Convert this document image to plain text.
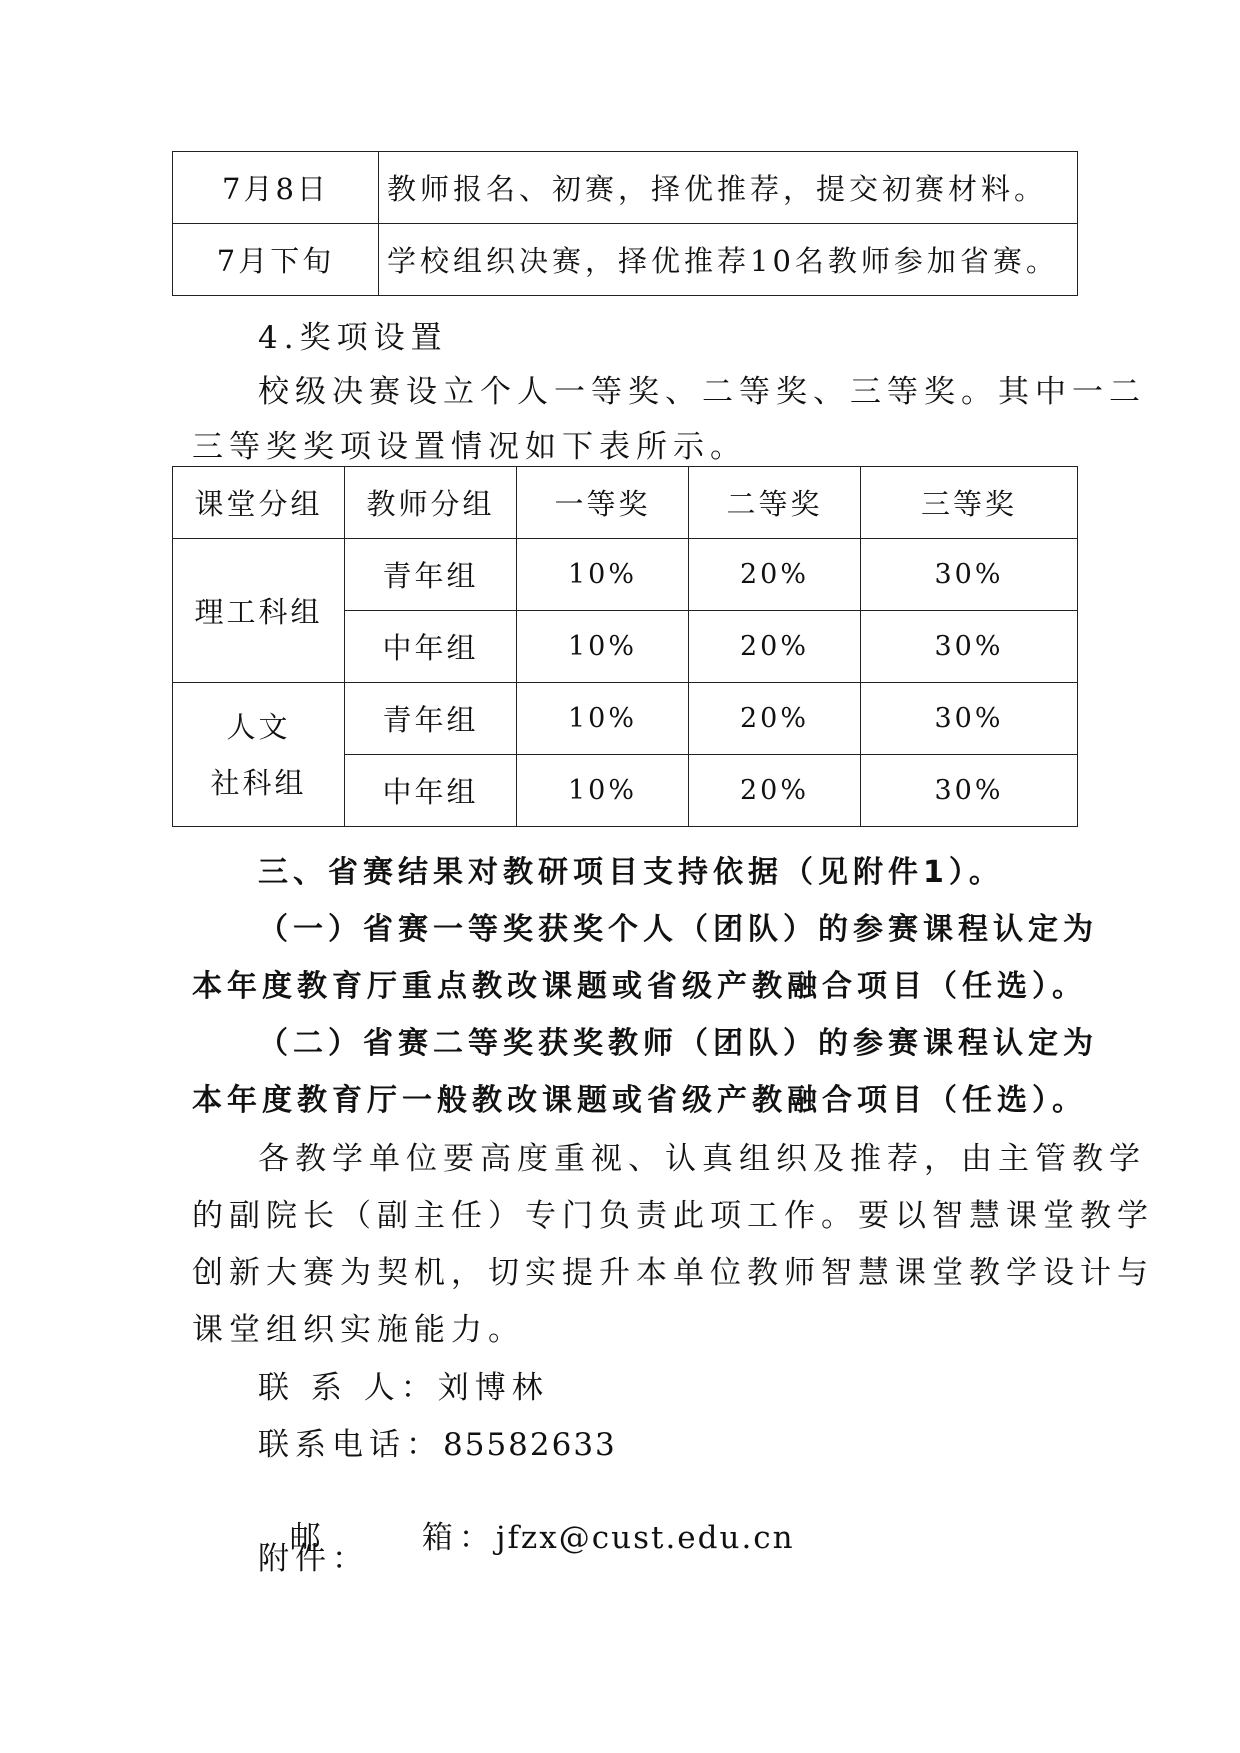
7月8日	教师报名、初赛，择优推荐，提交初赛材料。
7月下旬	学校组织决赛，择优推荐10名教师参加省赛。
4.奖项设置
校级决赛设立个人一等奖、二等奖、三等奖。其中一二
三等奖奖项设置情况如下表所示。
课堂分组	教师分组	一等奖	二等奖	三等奖
理工科组	青年组	10%	20%	30%
	中年组	10%	20%	30%
人文
社科组	青年组	10%	20%	30%
	中年组	10%	20%	30%
三、省赛结果对教研项目支持依据（见附件1）。
（一）省赛一等奖获奖个人（团队）的参赛课程认定为
本年度教育厅重点教改课题或省级产教融合项目（任选）。
（二）省赛二等奖获奖教师（团队）的参赛课程认定为
本年度教育厅一般教改课题或省级产教融合项目（任选）。
各教学单位要高度重视、认真组织及推荐，由主管教学
的副院长（副主任）专门负责此项工作。要以智慧课堂教学
创新大赛为契机，切实提升本单位教师智慧课堂教学设计与
课堂组织实施能力。
联 系 人：刘博林
联系电话：85582633

邮      箱：jfzx@cust.edu.cn

附件：
